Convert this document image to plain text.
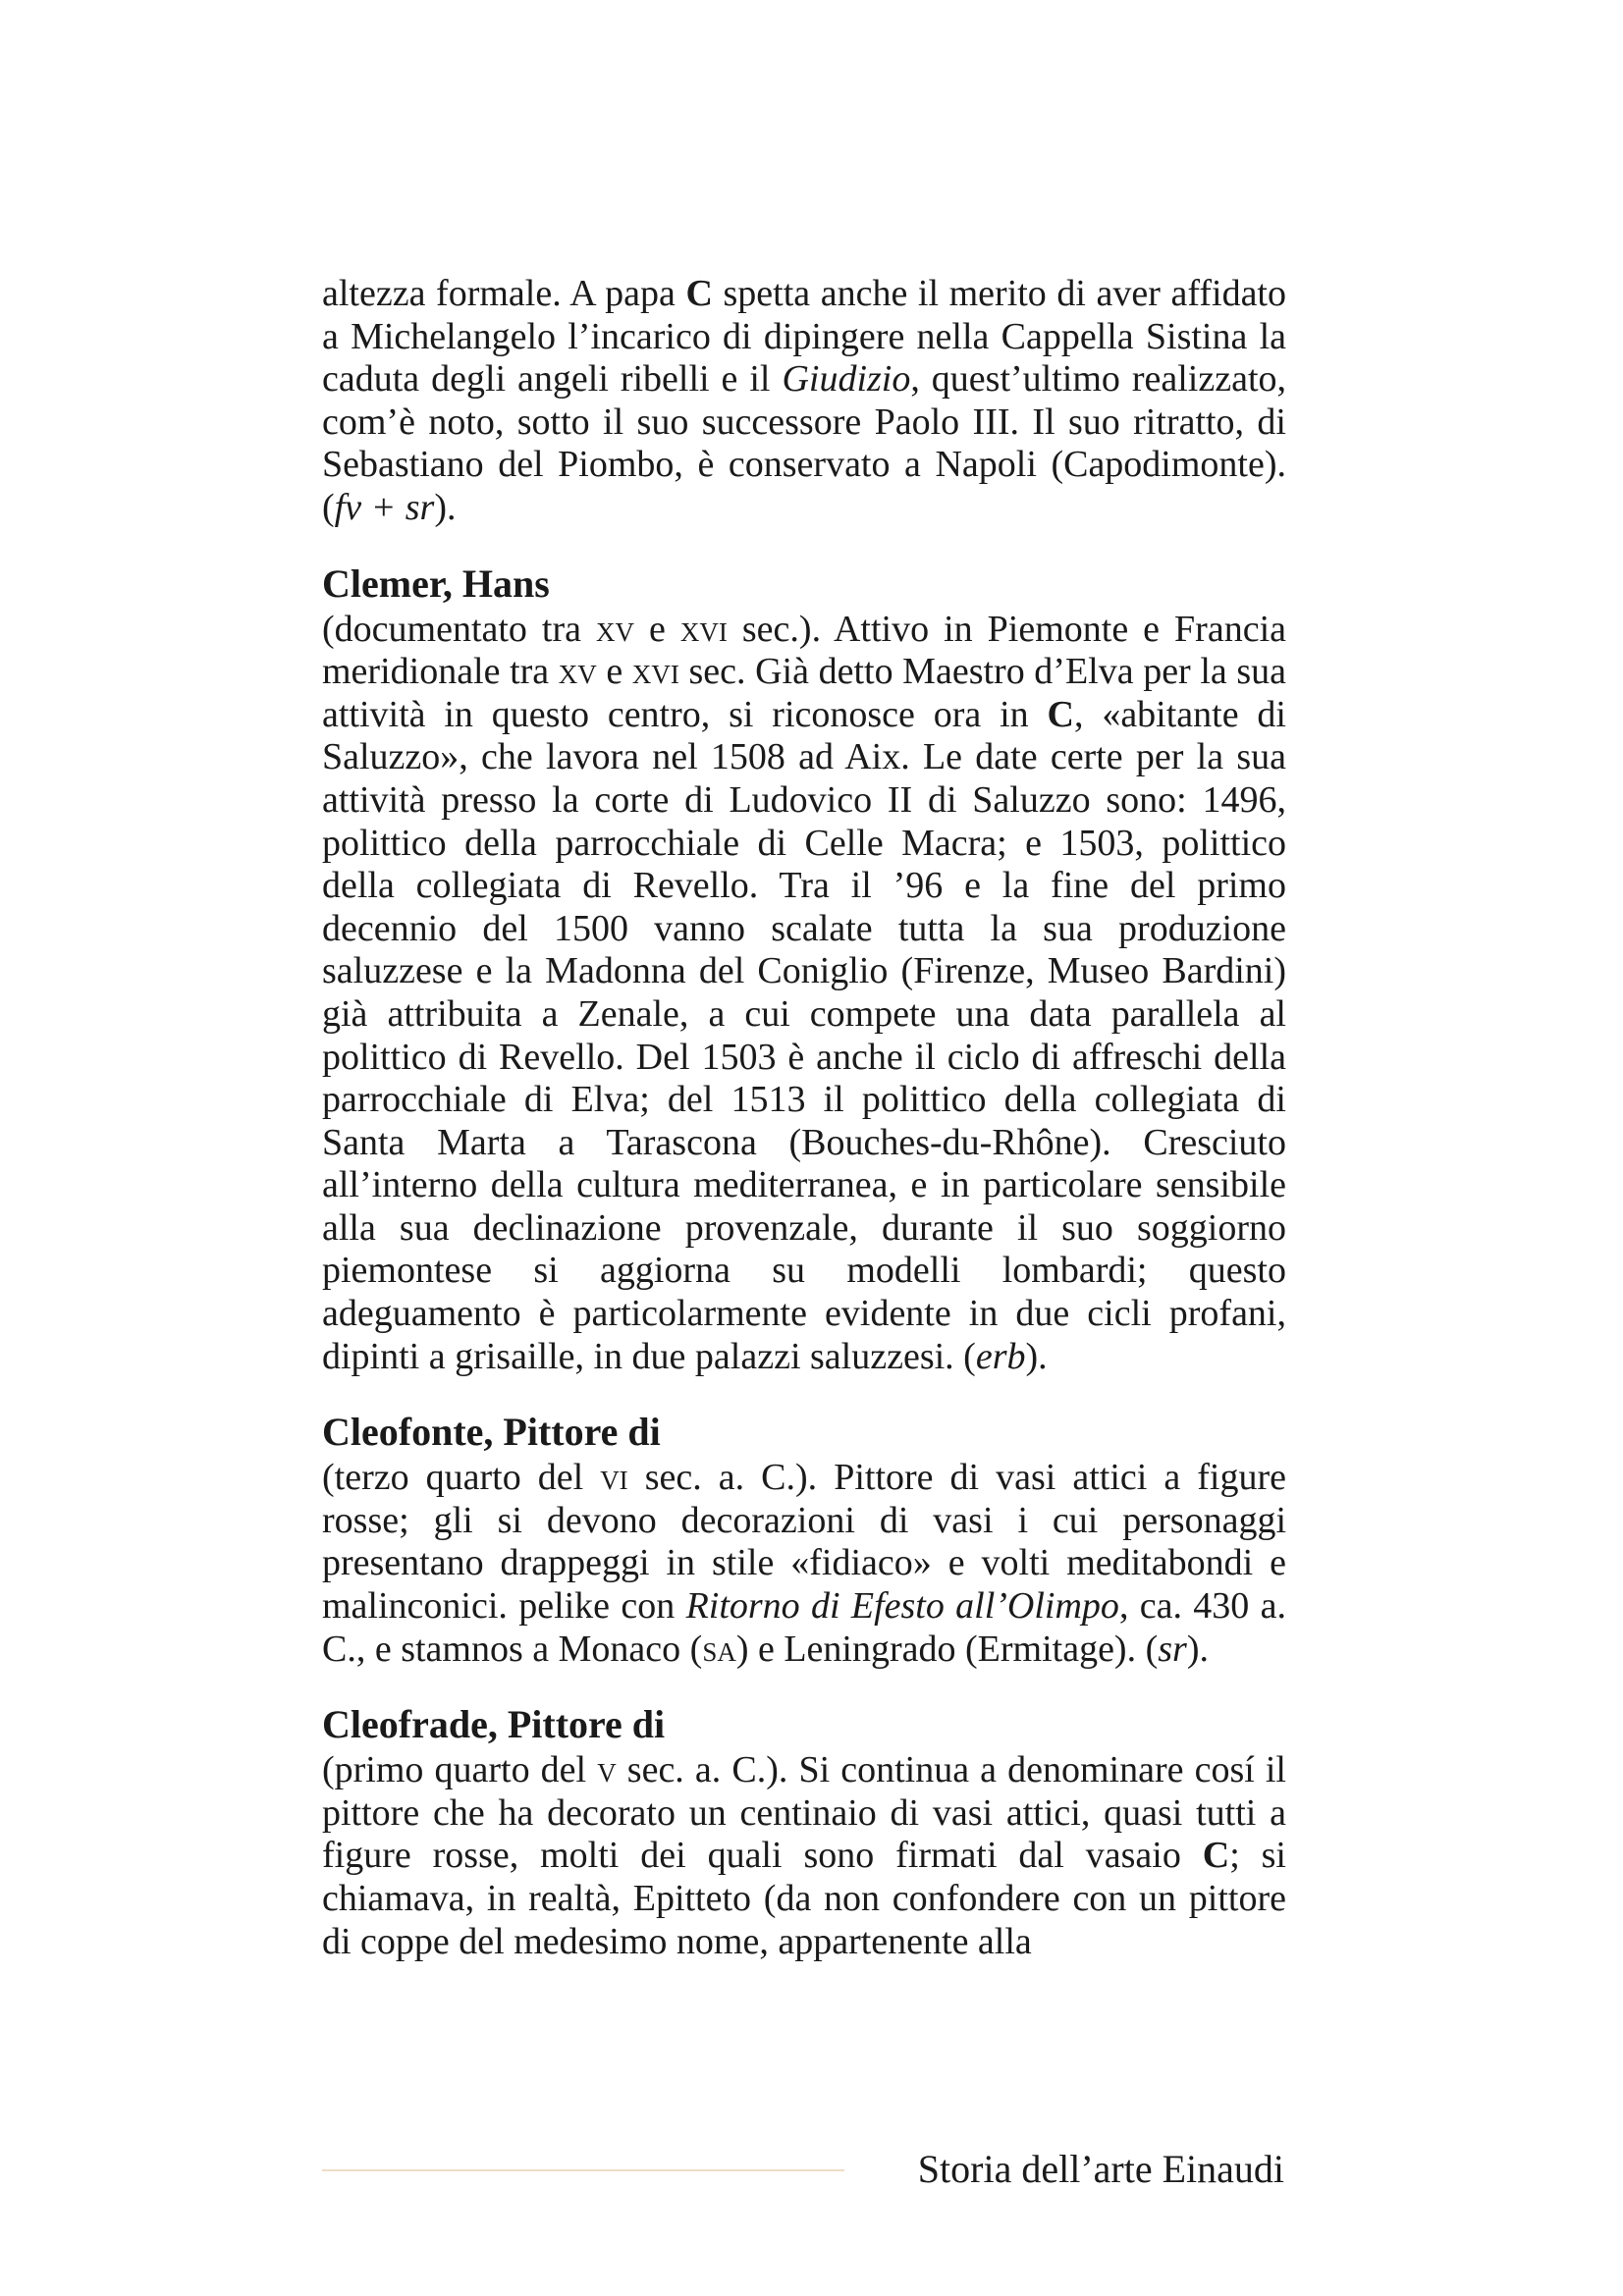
altezza formale. A papa C spetta anche il merito di aver affidato a Michelangelo l’incarico di dipingere nella Cappella Sistina la caduta degli angeli ribelli e il Giudizio, quest’ultimo realizzato, com’è noto, sotto il suo successore Paolo III. Il suo ritratto, di Sebastiano del Piombo, è conservato a Napoli (Capodimonte). (fv + sr).

Clemer, Hans

(documentato tra xv e xvi sec.). Attivo in Piemonte e Francia meridionale tra xv e xvi sec. Già detto Maestro d’Elva per la sua attività in questo centro, si riconosce ora in C, «abitante di Saluzzo», che lavora nel 1508 ad Aix. Le date certe per la sua attività presso la corte di Ludovico II di Saluzzo sono: 1496, polittico della parrocchiale di Celle Macra; e 1503, polittico della collegiata di Revello. Tra il ’96 e la fine del primo decennio del 1500 vanno scalate tutta la sua produzione saluzzese e la Madonna del Coniglio (Firenze, Museo Bardini) già attribuita a Zenale, a cui compete una data parallela al polittico di Revello. Del 1503 è anche il ciclo di affreschi della parrocchiale di Elva; del 1513 il polittico della collegiata di Santa Marta a Tarascona (Bouches-du-Rhône). Cresciuto all’interno della cultura mediterranea, e in particolare sensibile alla sua declinazione provenzale, durante il suo soggiorno piemontese si aggiorna su modelli lombardi; questo adeguamento è particolarmente evidente in due cicli profani, dipinti a grisaille, in due palazzi saluzzesi. (erb).

Cleofonte, Pittore di

(terzo quarto del vi sec. a. C.). Pittore di vasi attici a figure rosse; gli si devono decorazioni di vasi i cui personaggi presentano drappeggi in stile «fidiaco» e volti meditabondi e malinconici. pelike con Ritorno di Efesto all’Olimpo, ca. 430 a. C., e stamnos a Monaco (sa) e Leningrado (Ermitage). (sr).

Cleofrade, Pittore di

(primo quarto del v sec. a. C.). Si continua a denominare cosí il pittore che ha decorato un centinaio di vasi attici, quasi tutti a figure rosse, molti dei quali sono firmati dal vasaio C; si chiamava, in realtà, Epitteto (da non confondere con un pittore di coppe del medesimo nome, appartenente alla

Storia dell’arte Einaudi
